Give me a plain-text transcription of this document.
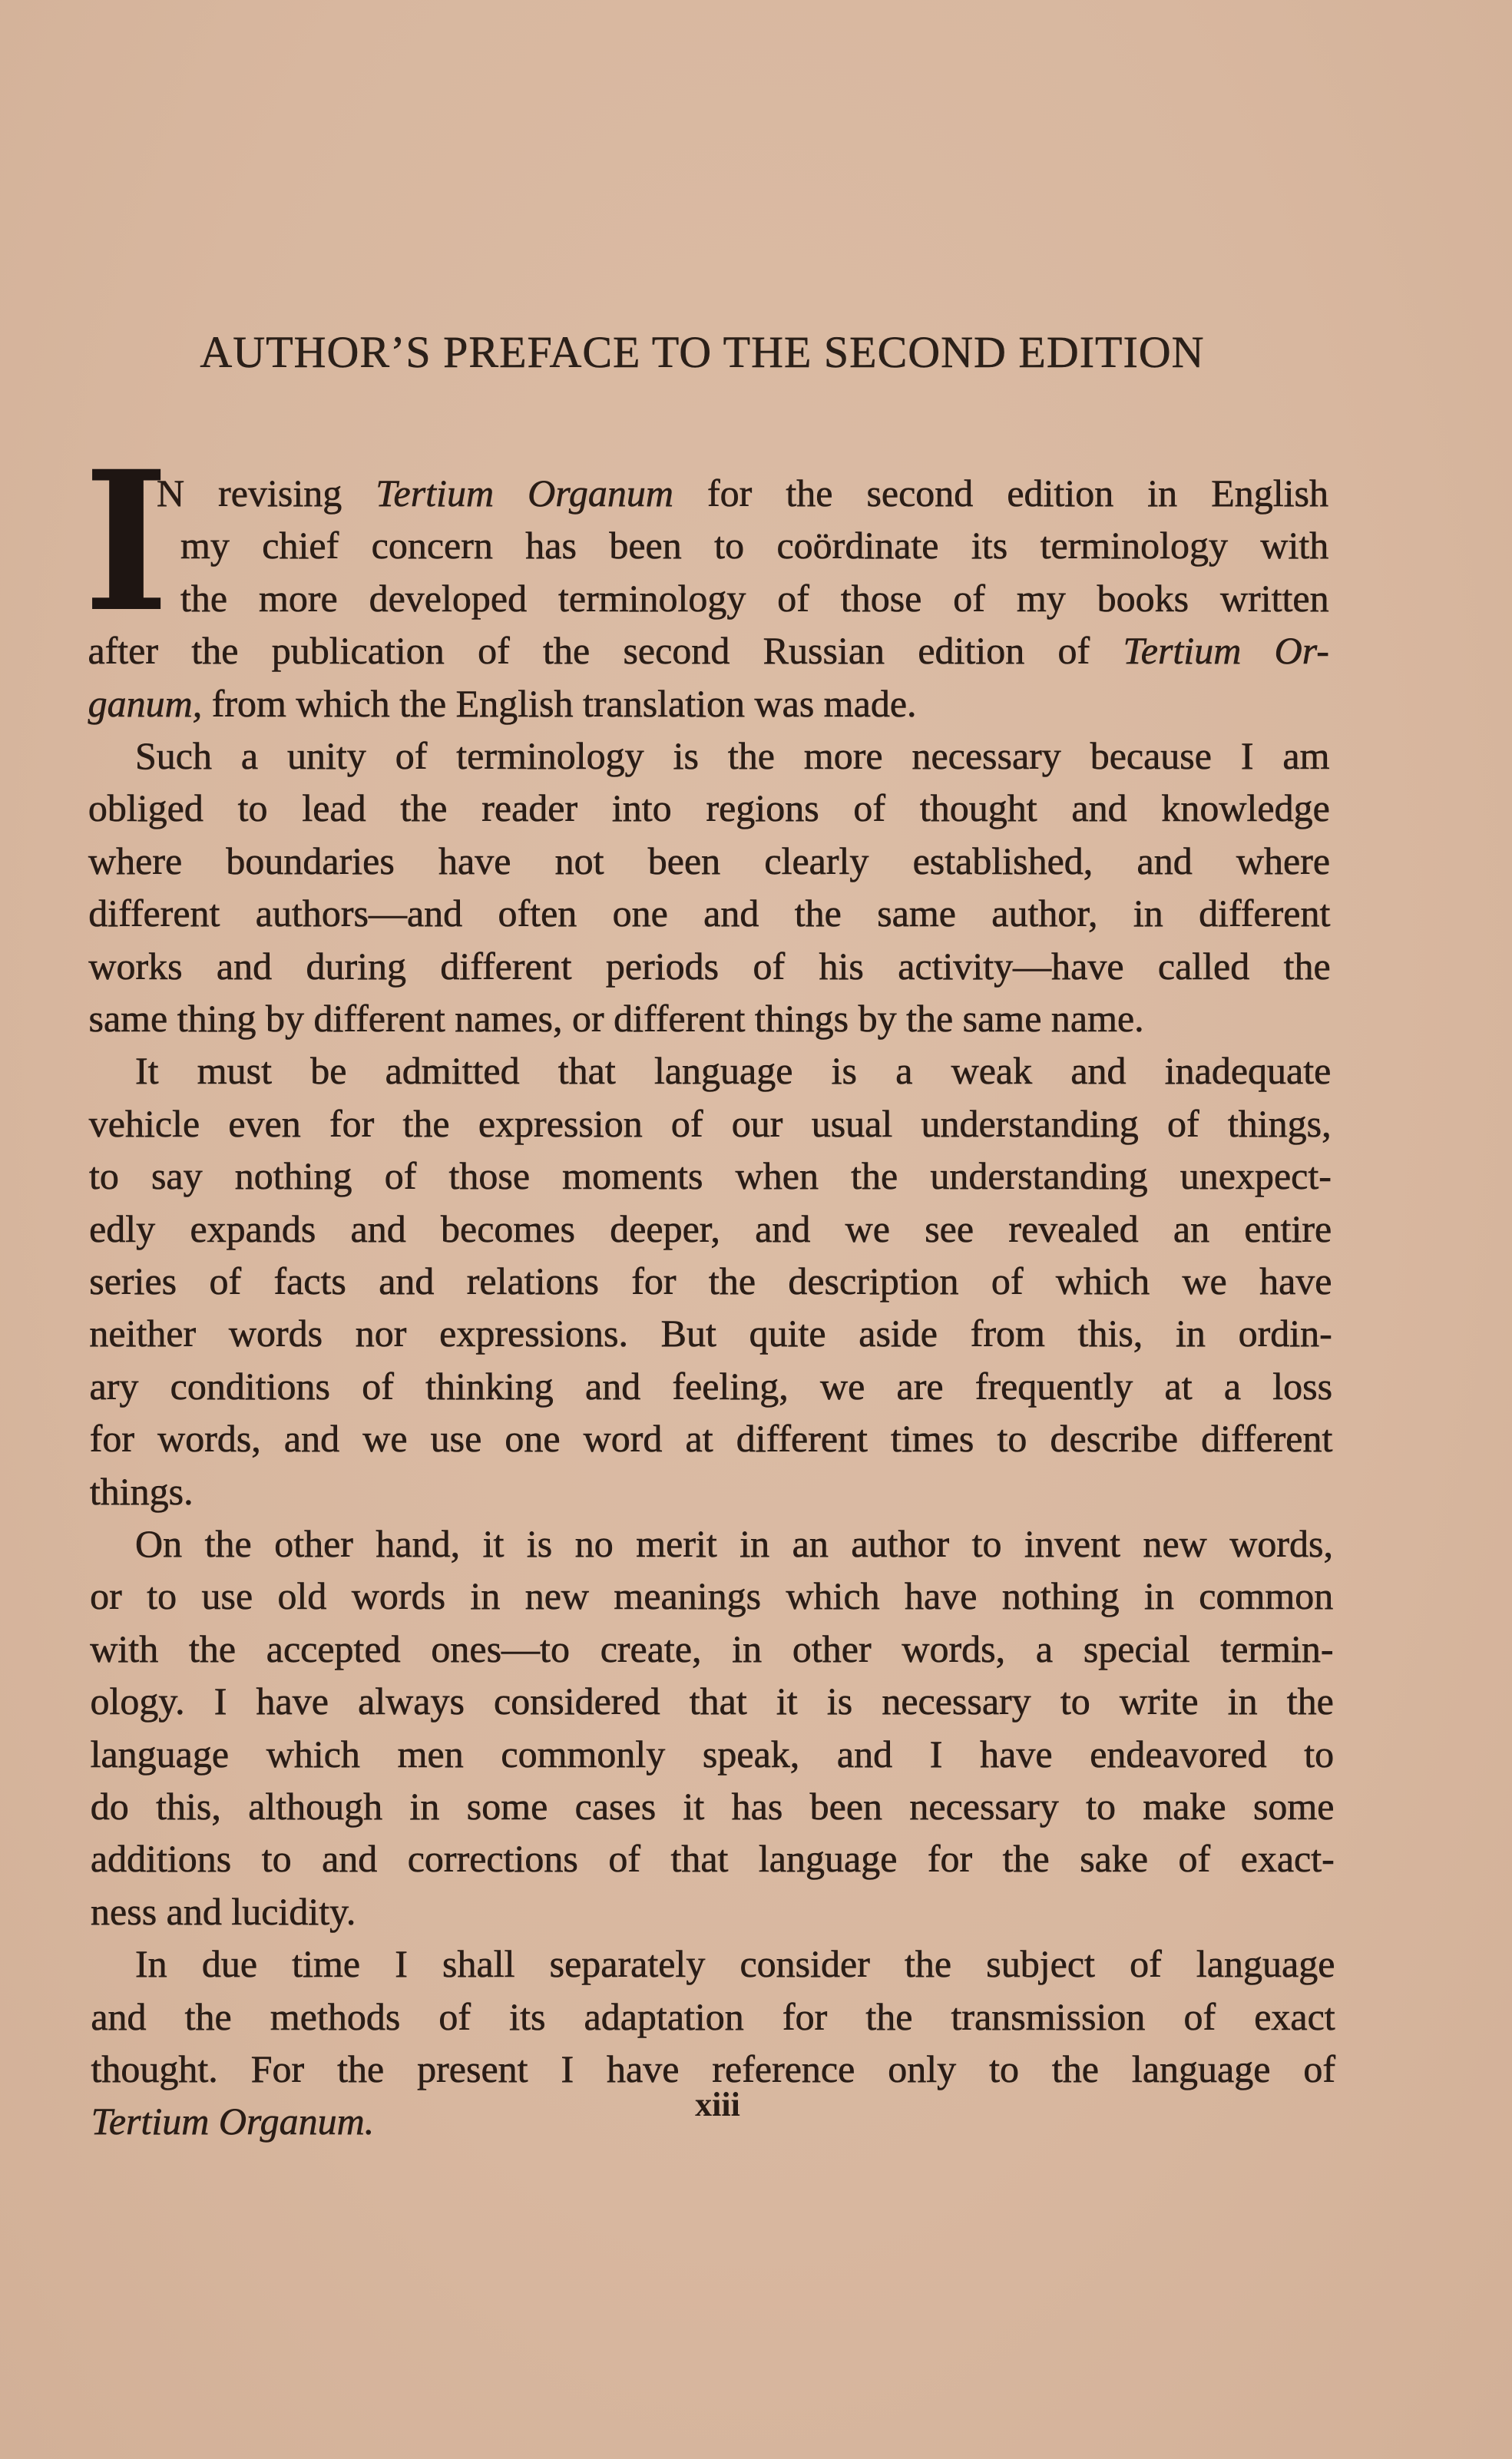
AUTHOR’S PREFACE TO THE SECOND EDITION
I
N revising Tertium Organum for the second edition in English
my chief concern has been to coördinate its terminology with
the more developed terminology of those of my books written
after the publication of the second Russian edition of Tertium Or-
ganum, from which the English translation was made.
Such a unity of terminology is the more necessary because I am
obliged to lead the reader into regions of thought and knowledge
where boundaries have not been clearly established, and where
different authors—and often one and the same author, in different
works and during different periods of his activity—have called the
same thing by different names, or different things by the same name.
It must be admitted that language is a weak and inadequate
vehicle even for the expression of our usual understanding of things,
to say nothing of those moments when the understanding unexpect-
edly expands and becomes deeper, and we see revealed an entire
series of facts and relations for the description of which we have
neither words nor expressions. But quite aside from this, in ordin-
ary conditions of thinking and feeling, we are frequently at a loss
for words, and we use one word at different times to describe different
things.
On the other hand, it is no merit in an author to invent new words,
or to use old words in new meanings which have nothing in common
with the accepted ones—to create, in other words, a special termin-
ology. I have always considered that it is necessary to write in the
language which men commonly speak, and I have endeavored to
do this, although in some cases it has been necessary to make some
additions to and corrections of that language for the sake of exact-
ness and lucidity.
In due time I shall separately consider the subject of language
and the methods of its adaptation for the transmission of exact
thought. For the present I have reference only to the language of
Tertium Organum.	xiii
